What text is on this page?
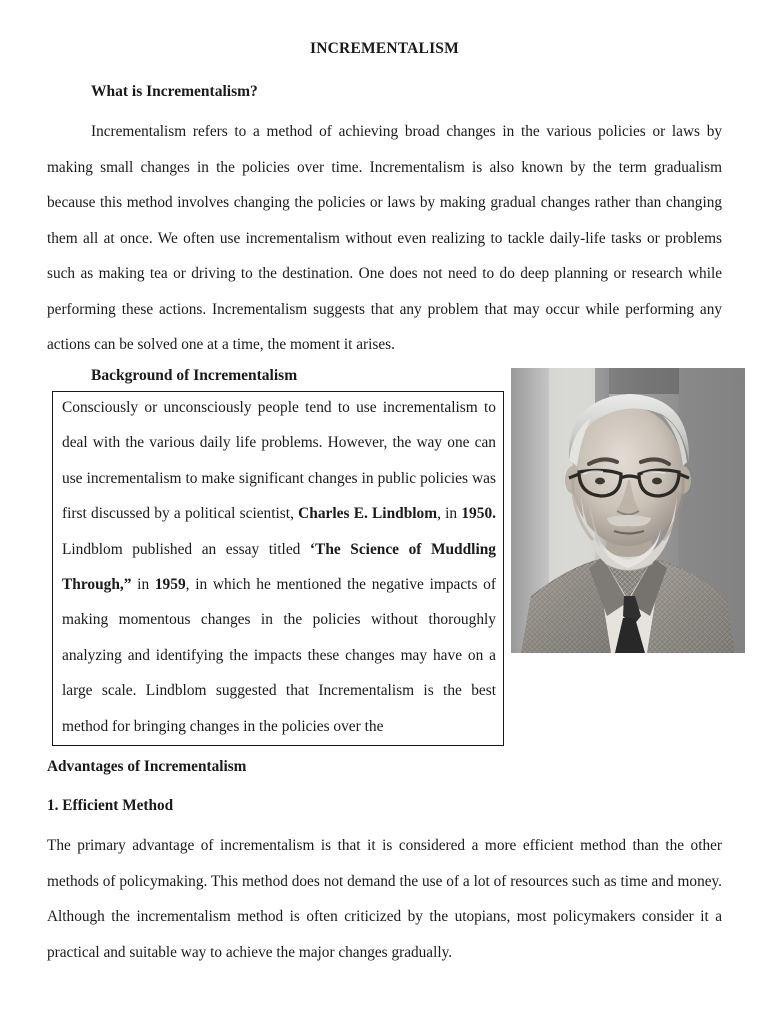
INCREMENTALISM
What is Incrementalism?
Incrementalism refers to a method of achieving broad changes in the various policies or laws by making small changes in the policies over time. Incrementalism is also known by the term gradualism because this method involves changing the policies or laws by making gradual changes rather than changing them all at once. We often use incrementalism without even realizing to tackle daily-life tasks or problems such as making tea or driving to the destination. One does not need to do deep planning or research while performing these actions. Incrementalism suggests that any problem that may occur while performing any actions can be solved one at a time, the moment it arises.
Background of Incrementalism
Consciously or unconsciously people tend to use incrementalism to deal with the various daily life problems. However, the way one can use incrementalism to make significant changes in public policies was first discussed by a political scientist, Charles E. Lindblom, in 1950. Lindblom published an essay titled ‘The Science of Muddling Through,” in 1959, in which he mentioned the negative impacts of making momentous changes in the policies without thoroughly analyzing and identifying the impacts these changes may have on a large scale. Lindblom suggested that Incrementalism is the best method for bringing changes in the policies over the
Advantages of Incrementalism
1. Efficient Method
The primary advantage of incrementalism is that it is considered a more efficient method than the other methods of policymaking. This method does not demand the use of a lot of resources such as time and money. Although the incrementalism method is often criticized by the utopians, most policymakers consider it a practical and suitable way to achieve the major changes gradually.
